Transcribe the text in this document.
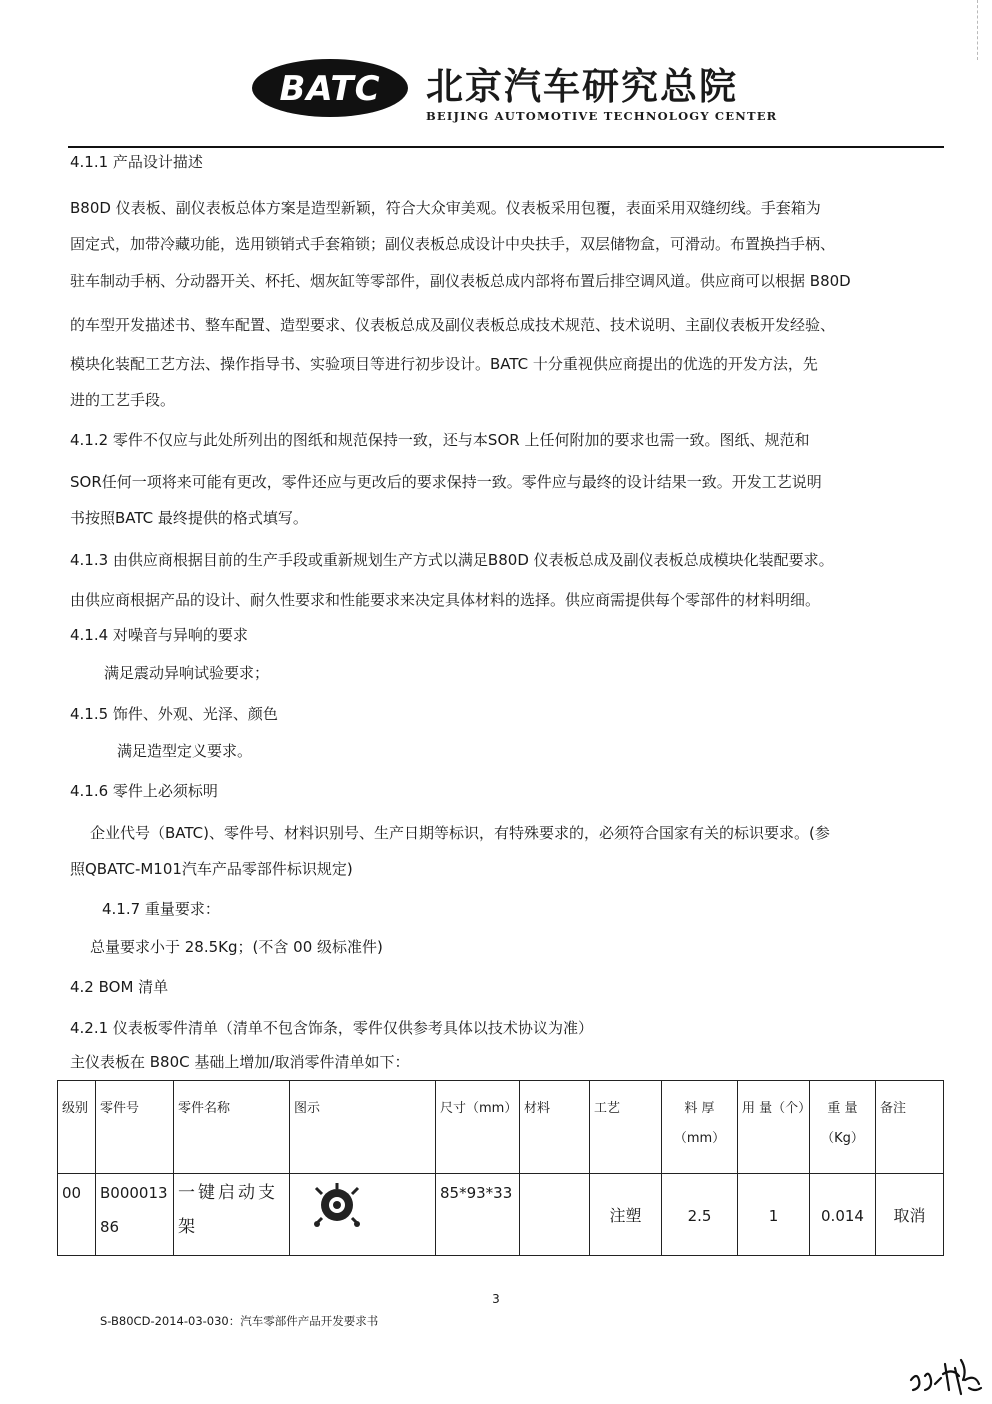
BATC 北京汽车研究总院
BEIJING AUTOMOTIVE TECHNOLOGY CENTER
4.1.1 产品设计描述
B80D 仪表板、副仪表板总体方案是造型新颖，符合大众审美观。仪表板采用包覆，表面采用双缝纫线。手套箱为
固定式，加带冷藏功能，选用锁销式手套箱锁；副仪表板总成设计中央扶手，双层储物盒，可滑动。布置换挡手柄、
驻车制动手柄、分动器开关、杯托、烟灰缸等零部件，副仪表板总成内部将布置后排空调风道。供应商可以根据 B80D
的车型开发描述书、整车配置、造型要求、仪表板总成及副仪表板总成技术规范、技术说明、主副仪表板开发经验、
模块化装配工艺方法、操作指导书、实验项目等进行初步设计。BATC 十分重视供应商提出的优选的开发方法，先
进的工艺手段。
4.1.2 零件不仅应与此处所列出的图纸和规范保持一致，还与本SOR 上任何附加的要求也需一致。图纸、规范和
SOR任何一项将来可能有更改，零件还应与更改后的要求保持一致。零件应与最终的设计结果一致。开发工艺说明
书按照BATC 最终提供的格式填写。
4.1.3 由供应商根据目前的生产手段或重新规划生产方式以满足B80D 仪表板总成及副仪表板总成模块化装配要求。
由供应商根据产品的设计、耐久性要求和性能要求来决定具体材料的选择。供应商需提供每个零部件的材料明细。
4.1.4 对噪音与异响的要求
满足震动异响试验要求；
4.1.5 饰件、外观、光泽、颜色
满足造型定义要求。
4.1.6 零件上必须标明
企业代号（BATC)、零件号、材料识别号、生产日期等标识，有特殊要求的，必须符合国家有关的标识要求。(参
照QBATC-M101汽车产品零部件标识规定)
4.1.7 重量要求：
总量要求小于 28.5Kg；(不含 00 级标准件)
4.2 BOM 清单
4.2.1 仪表板零件清单（清单不包含饰条，零件仅供参考具体以技术协议为准）
主仪表板在 B80C 基础上增加/取消零件清单如下：
级别	零件号	零件名称	图示	尺寸（mm）	材料	工艺	料 厚（mm）	用 量（个）	重 量（Kg）	备注
00	B00001386	一键启动支架		85*93*33		注塑	2.5	1	0.014	取消
3
S-B80CD-2014-03-030：汽车零部件产品开发要求书
